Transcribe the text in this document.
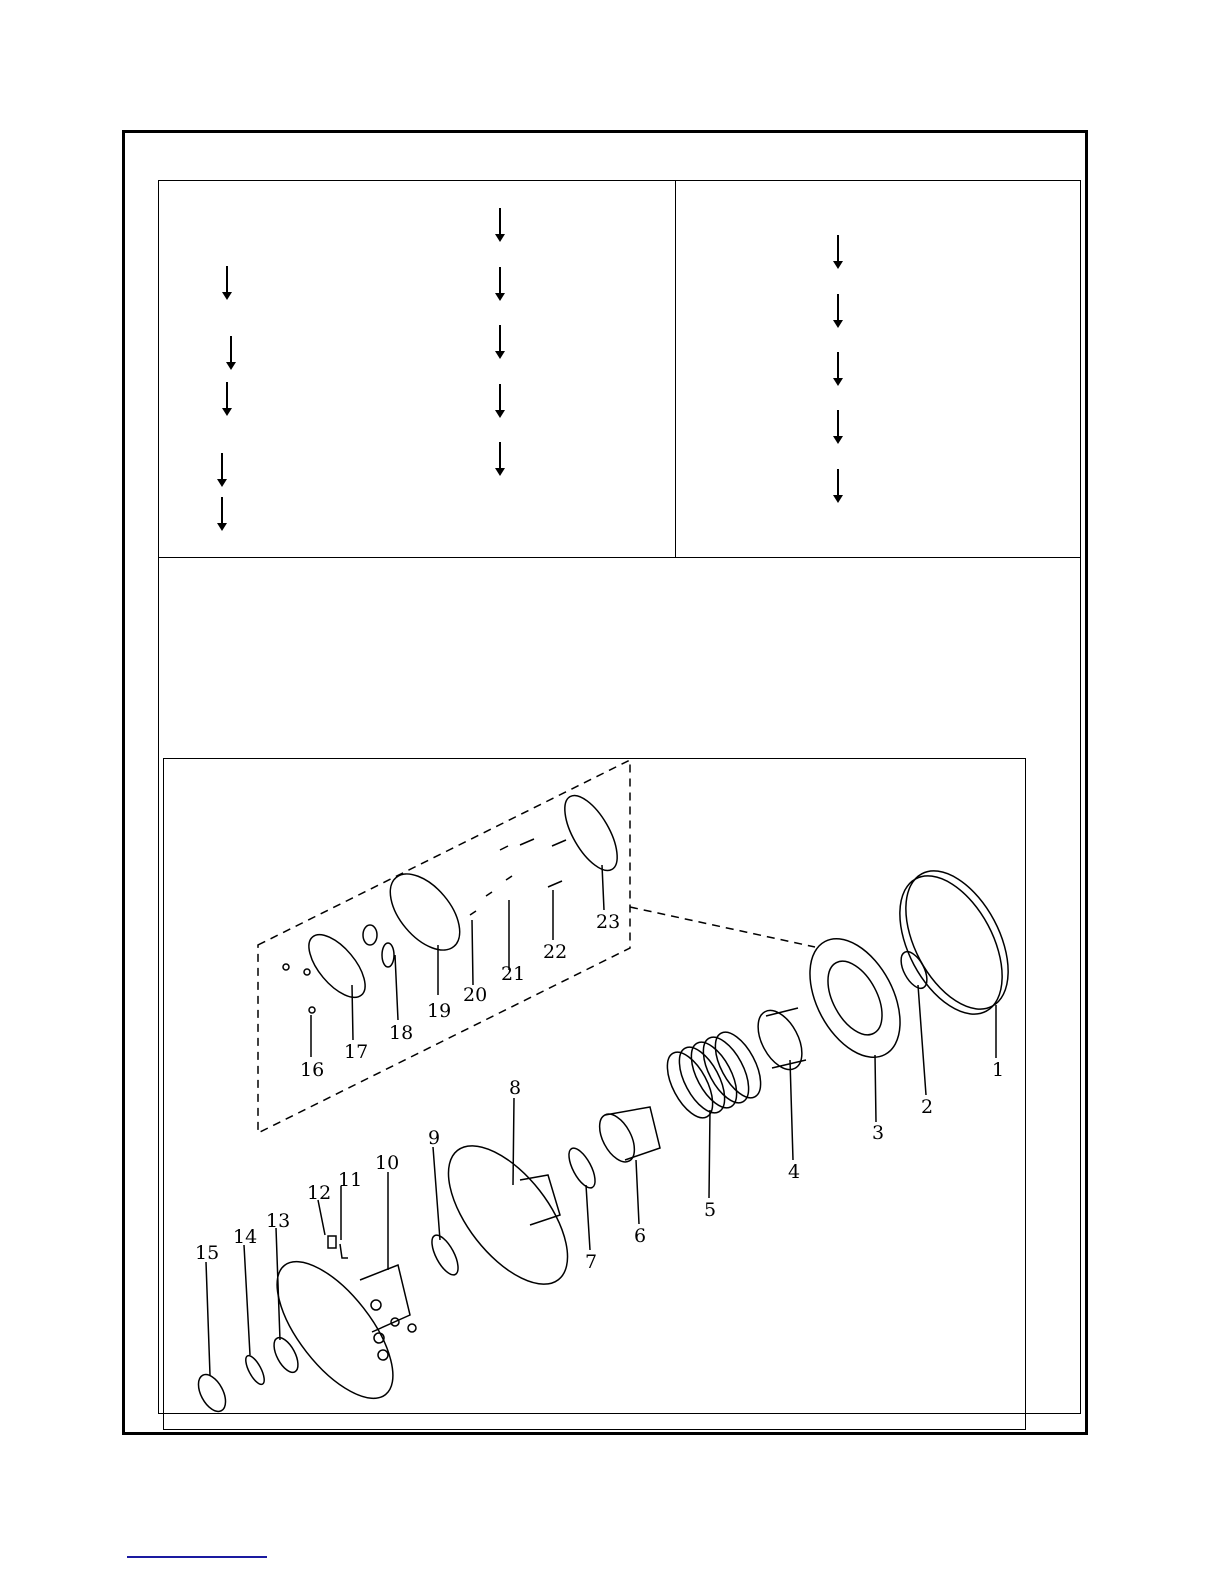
1
2
3
4
5
6
7
8
9
10
11
12
13
14
15
16
17
18
19
20
21
22
23
